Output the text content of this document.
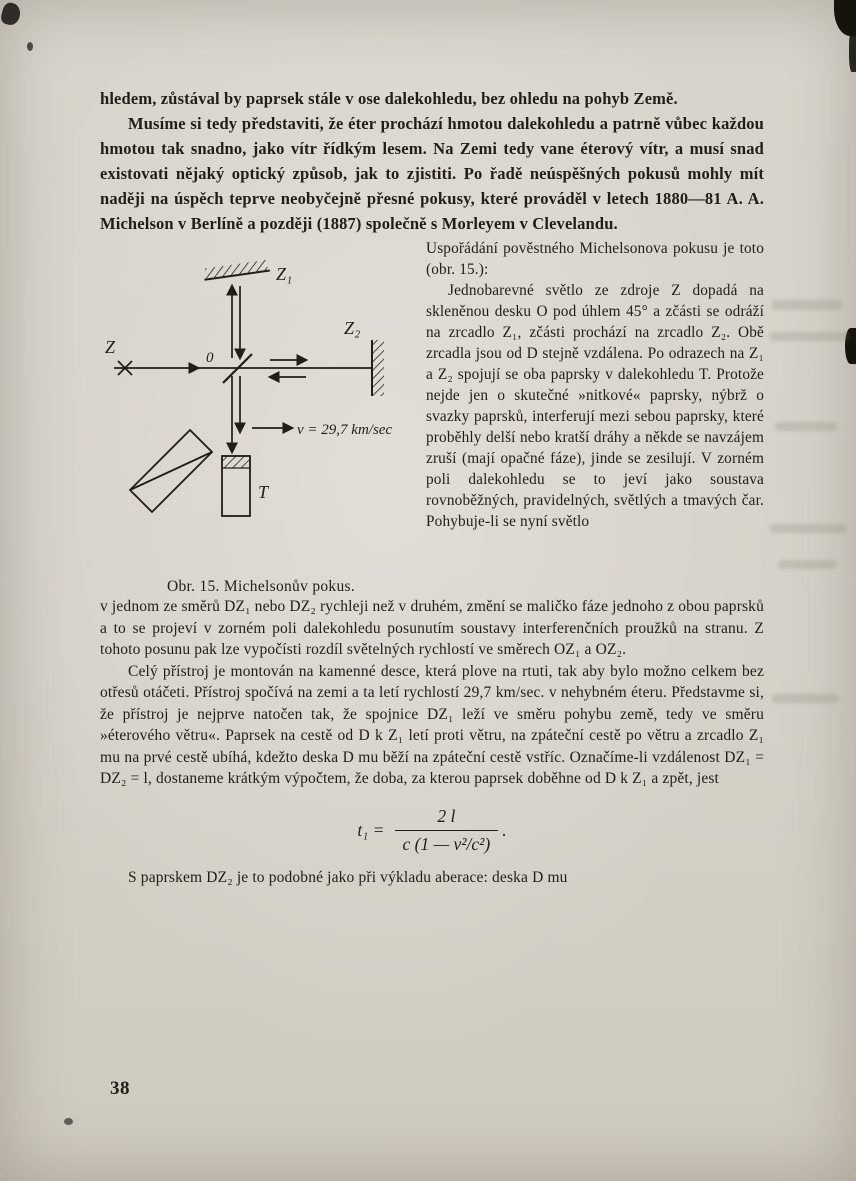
hledem, zůstával by paprsek stále v ose dalekohledu, bez ohledu na pohyb Země.

Musíme si tedy představiti, že éter prochází hmotou dalekohledu a patrně vůbec každou hmotou tak snadno, jako vítr řídkým lesem. Na Zemi tedy vane éterový vítr, a musí snad existovati nějaký optický způsob, jak to zjistiti. Po řadě neúspěšných pokusů mohly mít naději na úspěch teprve neobyčejně přesné pokusy, které prováděl v letech 1880—81 A. A. Michelson v Berlíně a později (1887) společně s Morleyem v Clevelandu.

Z₁
Z
0
Z₂
v = 29,7 km/sec
T
Obr. 15. Michelsonův pokus.

Uspořádání pověstného Michelsonova pokusu je toto (obr. 15.):

Jednobarevné světlo ze zdroje Z dopadá na skleněnou desku O pod úhlem 45° a zčásti se odráží na zrcadlo Z₁, zčásti prochází na zrcadlo Z₂. Obě zrcadla jsou od D stejně vzdálena. Po odrazech na Z₁ a Z₂ spojují se oba paprsky v dalekohledu T. Protože nejde jen o skutečné »nitkové« paprsky, nýbrž o svazky paprsků, interferují mezi sebou paprsky, které proběhly delší nebo kratší dráhy a někde se navzájem zruší (mají opačné fáze), jinde se zesilují. V zorném poli dalekohledu se to jeví jako soustava rovnoběžných, pravidelných, světlých a tmavých čar. Pohybuje-li se nyní světlo

v jednom ze směrů DZ₁ nebo DZ₂ rychleji než v druhém, změní se maličko fáze jednoho z obou paprsků a to se projeví v zorném poli dalekohledu posunutím soustavy interferenčních proužků na stranu. Z tohoto posunu pak lze vypočísti rozdíl světelných rychlostí ve směrech OZ₁ a OZ₂.

Celý přístroj je montován na kamenné desce, která plove na rtuti, tak aby bylo možno celkem bez otřesů otáčeti. Přístroj spočívá na zemi a ta letí rychlostí 29,7 km/sec. v nehybném éteru. Představme si, že přístroj je nejprve natočen tak, že spojnice DZ₁ leží ve směru pohybu země, tedy ve směru »éterového větru«. Paprsek na cestě od D k Z₁ letí proti větru, na zpáteční cestě po větru a zrcadlo Z₁ mu na prvé cestě ubíhá, kdežto deska D mu běží na zpáteční cestě vstříc. Označíme-li vzdálenost DZ₁ = DZ₂ = l, dostaneme krátkým výpočtem, že doba, za kterou paprsek doběhne od D k Z₁ a zpět, jest

$t_1 = \frac{2 l}{\text{c (1 — v²/c²)}}$ .

S paprskem DZ₂ je to podobné jako při výkladu aberace: deska D mu

38
